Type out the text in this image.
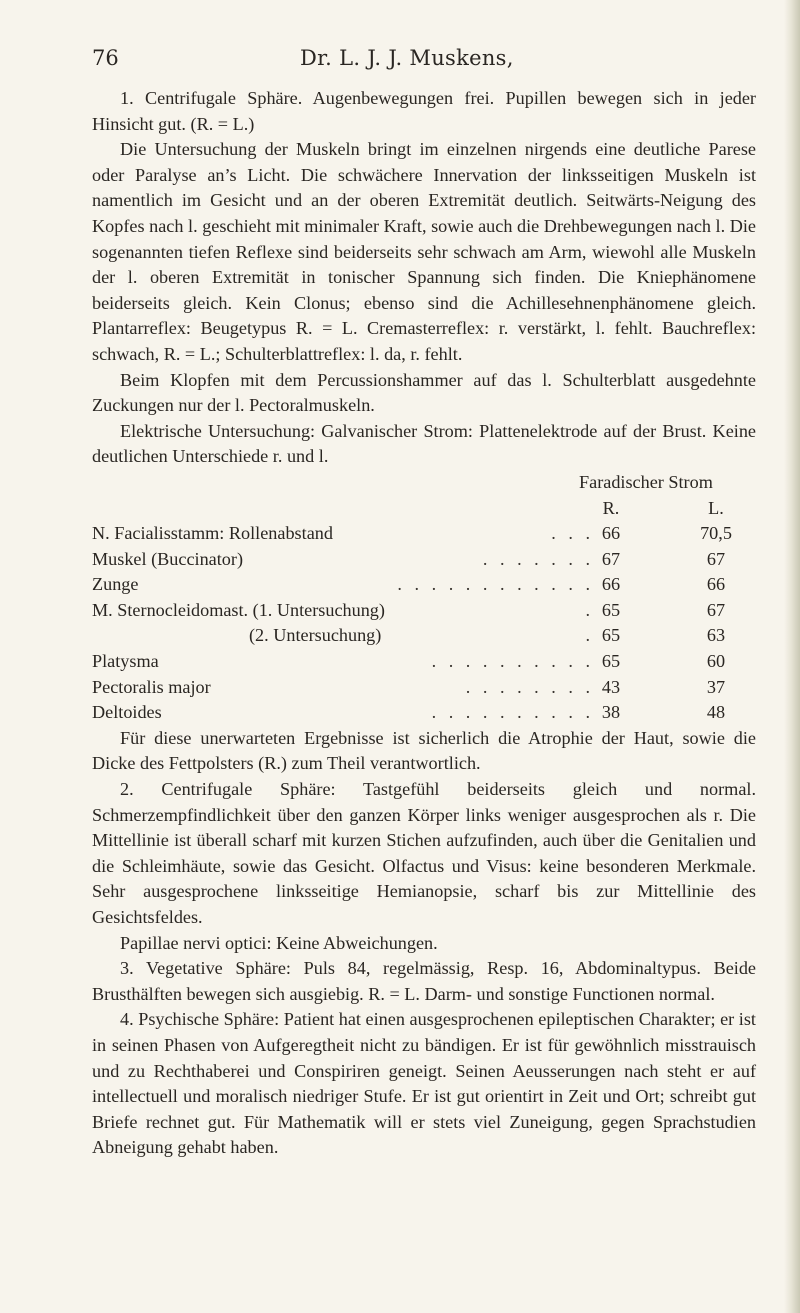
76	Dr. L. J. J. Muskens,

1. Centrifugale Sphäre. Augenbewegungen frei. Pupillen bewegen sich in jeder Hinsicht gut. (R. = L.)

Die Untersuchung der Muskeln bringt im einzelnen nirgends eine deutliche Parese oder Paralyse an’s Licht. Die schwächere Innervation der linksseitigen Muskeln ist namentlich im Gesicht und an der oberen Extremität deutlich. Seitwärts-Neigung des Kopfes nach l. geschieht mit minimaler Kraft, sowie auch die Drehbewegungen nach l. Die sogenannten tiefen Reflexe sind beiderseits sehr schwach am Arm, wiewohl alle Muskeln der l. oberen Extremität in tonischer Spannung sich finden. Die Kniephänomene beiderseits gleich. Kein Clonus; ebenso sind die Achillesehnenphänomene gleich. Plantarreflex: Beugetypus R. = L. Cremasterreflex: r. verstärkt, l. fehlt. Bauchreflex: schwach, R. = L.; Schulterblattreflex: l. da, r. fehlt.

Beim Klopfen mit dem Percussionshammer auf das l. Schulterblatt ausgedehnte Zuckungen nur der l. Pectoralmuskeln.

Elektrische Untersuchung: Galvanischer Strom: Plattenelektrode auf der Brust. Keine deutlichen Unterschiede r. und l.

Faradischer Strom
R.	L.
N. Facialisstamm: Rollenabstand	. . . 66	70,5
Muskel (Buccinator)	. . . . . . . 67	67
Zunge	. . . . . . . . . . . . 66	66
M. Sternocleidomast. (1. Untersuchung)	. 65	67
(2. Untersuchung)	. 65	63
Platysma	. . . . . . . . . . 65	60
Pectoralis major	. . . . . . . . 43	37
Deltoides	. . . . . . . . . . 38	48

Für diese unerwarteten Ergebnisse ist sicherlich die Atrophie der Haut, sowie die Dicke des Fettpolsters (R.) zum Theil verantwortlich.

2. Centrifugale Sphäre: Tastgefühl beiderseits gleich und normal. Schmerzempfindlichkeit über den ganzen Körper links weniger ausgesprochen als r. Die Mittellinie ist überall scharf mit kurzen Stichen aufzufinden, auch über die Genitalien und die Schleimhäute, sowie das Gesicht. Olfactus und Visus: keine besonderen Merkmale. Sehr ausgesprochene linksseitige Hemianopsie, scharf bis zur Mittellinie des Gesichtsfeldes.

Papillae nervi optici: Keine Abweichungen.

3. Vegetative Sphäre: Puls 84, regelmässig, Resp. 16, Abdominaltypus. Beide Brusthälften bewegen sich ausgiebig. R. = L. Darm- und sonstige Functionen normal.

4. Psychische Sphäre: Patient hat einen ausgesprochenen epileptischen Charakter; er ist in seinen Phasen von Aufgeregtheit nicht zu bändigen. Er ist für gewöhnlich misstrauisch und zu Rechthaberei und Conspiriren geneigt. Seinen Aeusserungen nach steht er auf intellectuell und moralisch niedriger Stufe. Er ist gut orientirt in Zeit und Ort; schreibt gut Briefe rechnet gut. Für Mathematik will er stets viel Zuneigung, gegen Sprachstudien Abneigung gehabt haben.
